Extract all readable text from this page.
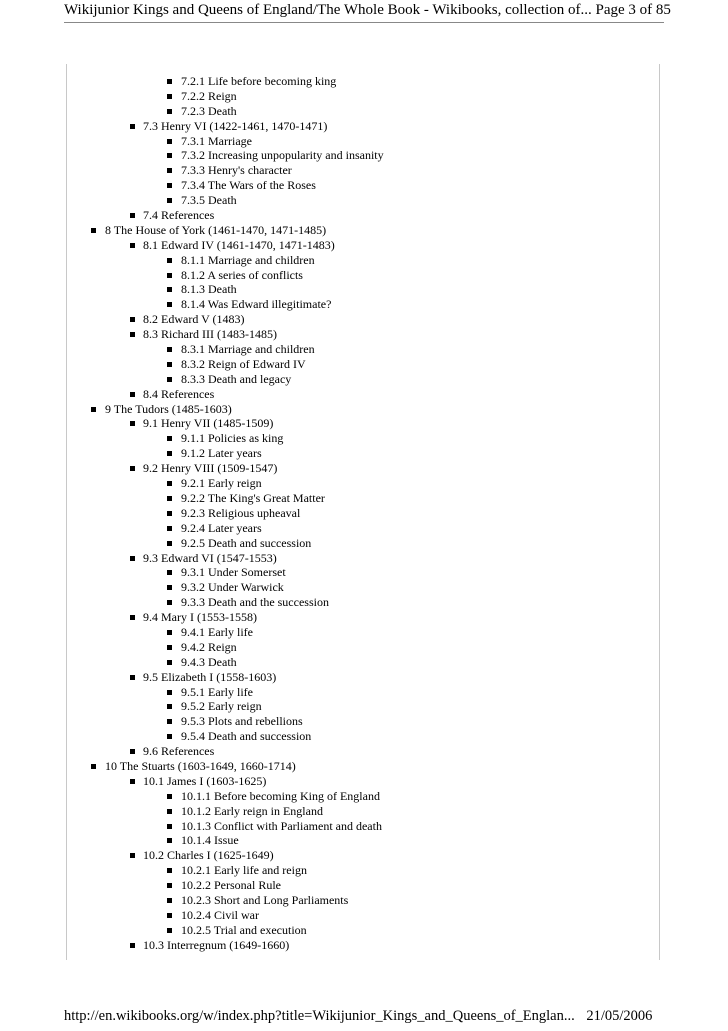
Wikijunior Kings and Queens of England/The Whole Book - Wikibooks, collection of... Page 3 of 85
7.2.1 Life before becoming king
7.2.2 Reign
7.2.3 Death
7.3 Henry VI (1422-1461, 1470-1471)
7.3.1 Marriage
7.3.2 Increasing unpopularity and insanity
7.3.3 Henry's character
7.3.4 The Wars of the Roses
7.3.5 Death
7.4 References
8 The House of York (1461-1470, 1471-1485)
8.1 Edward IV (1461-1470, 1471-1483)
8.1.1 Marriage and children
8.1.2 A series of conflicts
8.1.3 Death
8.1.4 Was Edward illegitimate?
8.2 Edward V (1483)
8.3 Richard III (1483-1485)
8.3.1 Marriage and children
8.3.2 Reign of Edward IV
8.3.3 Death and legacy
8.4 References
9 The Tudors (1485-1603)
9.1 Henry VII (1485-1509)
9.1.1 Policies as king
9.1.2 Later years
9.2 Henry VIII (1509-1547)
9.2.1 Early reign
9.2.2 The King's Great Matter
9.2.3 Religious upheaval
9.2.4 Later years
9.2.5 Death and succession
9.3 Edward VI (1547-1553)
9.3.1 Under Somerset
9.3.2 Under Warwick
9.3.3 Death and the succession
9.4 Mary I (1553-1558)
9.4.1 Early life
9.4.2 Reign
9.4.3 Death
9.5 Elizabeth I (1558-1603)
9.5.1 Early life
9.5.2 Early reign
9.5.3 Plots and rebellions
9.5.4 Death and succession
9.6 References
10 The Stuarts (1603-1649, 1660-1714)
10.1 James I (1603-1625)
10.1.1 Before becoming King of England
10.1.2 Early reign in England
10.1.3 Conflict with Parliament and death
10.1.4 Issue
10.2 Charles I (1625-1649)
10.2.1 Early life and reign
10.2.2 Personal Rule
10.2.3 Short and Long Parliaments
10.2.4 Civil war
10.2.5 Trial and execution
10.3 Interregnum (1649-1660)
http://en.wikibooks.org/w/index.php?title=Wikijunior_Kings_and_Queens_of_Englan... 21/05/2006
